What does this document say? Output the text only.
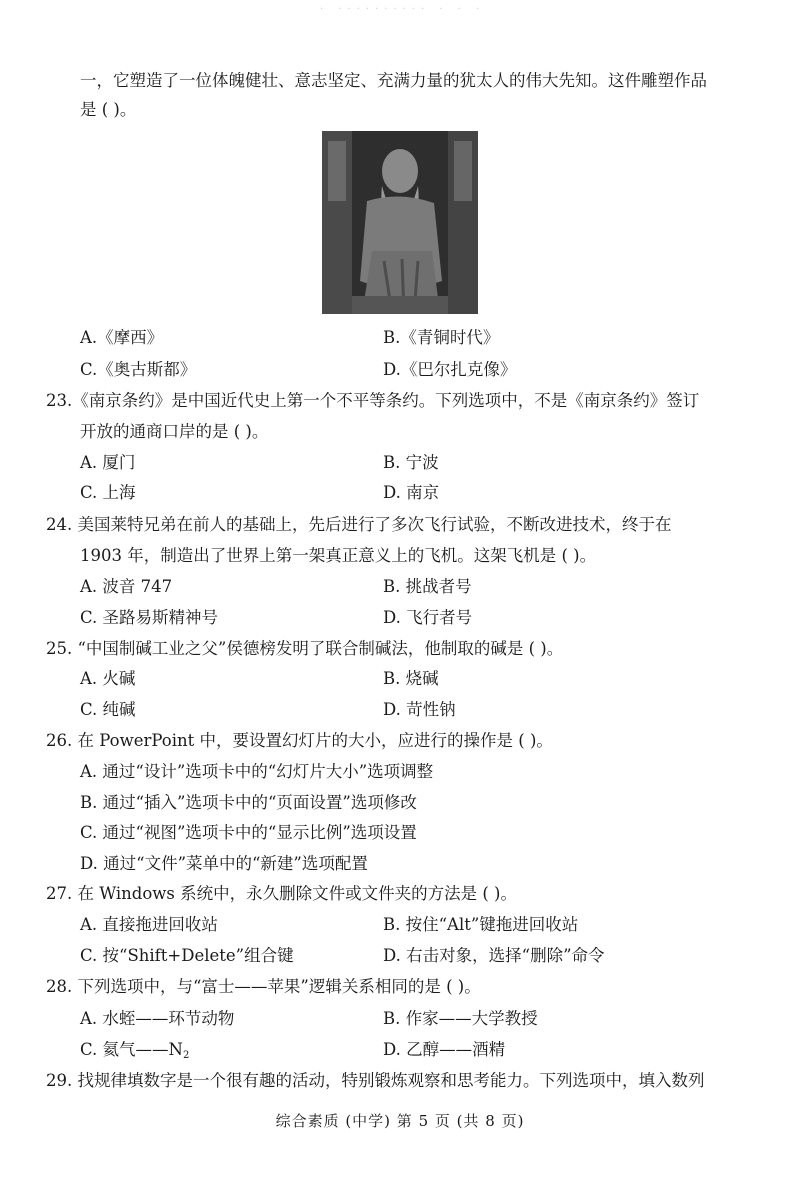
· ·········· · · ·
一，它塑造了一位体魄健壮、意志坚定、充满力量的犹太人的伟大先知。这件雕塑作品
是 ( )。
A.《摩西》	B.《青铜时代》
C.《奥古斯都》	D.《巴尔扎克像》
23.《南京条约》是中国近代史上第一个不平等条约。下列选项中，不是《南京条约》签订
开放的通商口岸的是 ( )。
A. 厦门	B. 宁波
C. 上海	D. 南京
24. 美国莱特兄弟在前人的基础上，先后进行了多次飞行试验，不断改进技术，终于在
1903 年，制造出了世界上第一架真正意义上的飞机。这架飞机是 ( )。
A. 波音 747	B. 挑战者号
C. 圣路易斯精神号	D. 飞行者号
25. “中国制碱工业之父”侯德榜发明了联合制碱法，他制取的碱是 ( )。
A. 火碱	B. 烧碱
C. 纯碱	D. 苛性钠
26. 在 PowerPoint 中，要设置幻灯片的大小，应进行的操作是 ( )。
A. 通过“设计”选项卡中的“幻灯片大小”选项调整
B. 通过“插入”选项卡中的“页面设置”选项修改
C. 通过“视图”选项卡中的“显示比例”选项设置
D. 通过“文件”菜单中的“新建”选项配置
27. 在 Windows 系统中，永久删除文件或文件夹的方法是 ( )。
A. 直接拖进回收站	B. 按住“Alt”键拖进回收站
C. 按“Shift+Delete”组合键	D. 右击对象，选择“删除”命令
28. 下列选项中，与“富士——苹果”逻辑关系相同的是 ( )。
A. 水蛭——环节动物	B. 作家——大学教授
C. 氦气$——N_2$	D. 乙醇——酒精
29. 找规律填数字是一个很有趣的活动，特别锻炼观察和思考能力。下列选项中，填入数列
综合素质 (中学) 第 5 页 (共 8 页)
